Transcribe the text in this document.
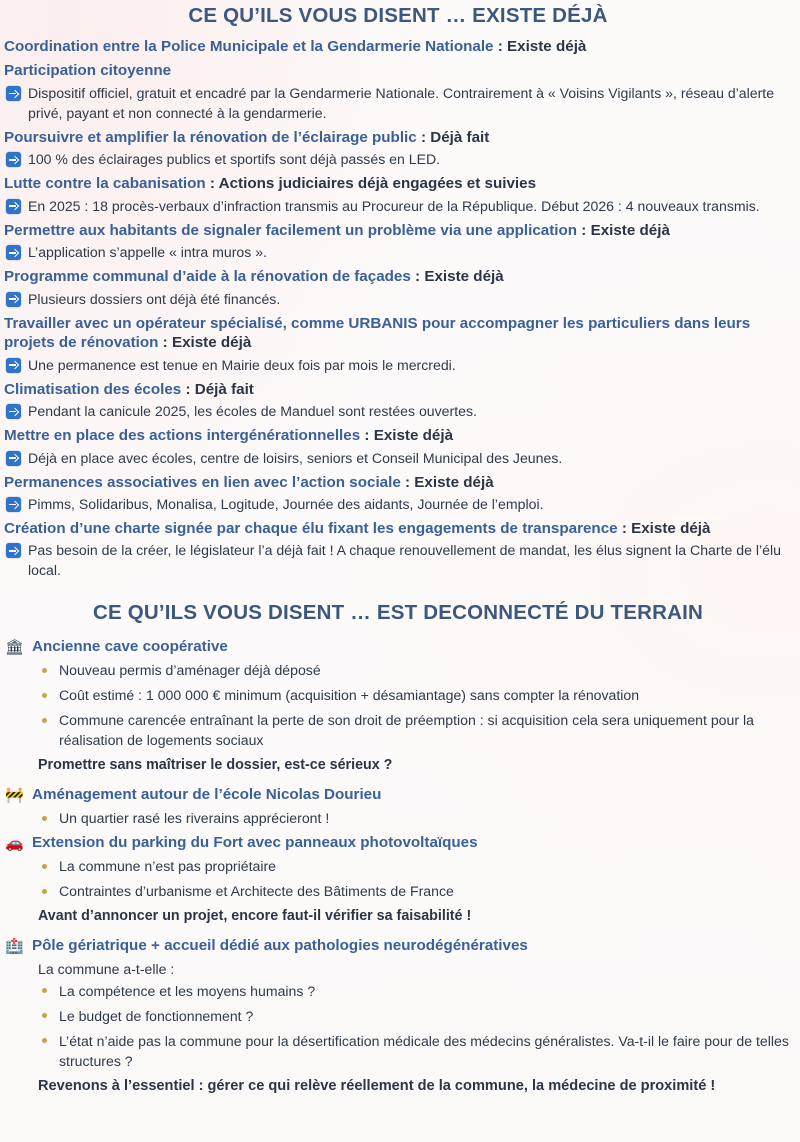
CE QU’ILS VOUS DISENT … EXISTE DÉJÀ
Coordination entre la Police Municipale et la Gendarmerie Nationale : Existe déjà
Participation citoyenne
Dispositif officiel, gratuit et encadré par la Gendarmerie Nationale. Contrairement à « Voisins Vigilants », réseau d’alerte privé, payant et non connecté à la gendarmerie.
Poursuivre et amplifier la rénovation de l’éclairage public : Déjà fait
100 % des éclairages publics et sportifs sont déjà passés en LED.
Lutte contre la cabanisation : Actions judiciaires déjà engagées et suivies
En 2025 : 18 procès-verbaux d’infraction transmis au Procureur de la République. Début 2026 : 4 nouveaux transmis.
Permettre aux habitants de signaler facilement un problème via une application : Existe déjà
L’application s’appelle « intra muros ».
Programme communal d’aide à la rénovation de façades : Existe déjà
Plusieurs dossiers ont déjà été financés.
Travailler avec un opérateur spécialisé, comme URBANIS pour accompagner les particuliers dans leurs projets de rénovation : Existe déjà
Une permanence est tenue en Mairie deux fois par mois le mercredi.
Climatisation des écoles : Déjà fait
Pendant la canicule 2025, les écoles de Manduel sont restées ouvertes.
Mettre en place des actions intergénérationnelles : Existe déjà
Déjà en place avec écoles, centre de loisirs, seniors et Conseil Municipal des Jeunes.
Permanences associatives en lien avec l’action sociale : Existe déjà
Pimms, Solidaribus, Monalisa, Logitude, Journée des aidants, Journée de l’emploi.
Création d’une charte signée par chaque élu fixant les engagements de transparence : Existe déjà
Pas besoin de la créer, le législateur l’a déjà fait ! A chaque renouvellement de mandat, les élus signent la Charte de l’élu local.
CE QU’ILS VOUS DISENT … EST DECONNECTÉ DU TERRAIN
🏛 Ancienne cave coopérative
Nouveau permis d’aménager déjà déposé
Coût estimé : 1 000 000 € minimum (acquisition + désamiantage) sans compter la rénovation
Commune carencée entraînant la perte de son droit de préemption : si acquisition cela sera uniquement pour la réalisation de logements sociaux
Promettre sans maîtriser le dossier, est-ce sérieux ?
🚧 Aménagement autour de l’école Nicolas Dourieu
Un quartier rasé les riverains apprécieront !
🚗 Extension du parking du Fort avec panneaux photovoltaïques
La commune n’est pas propriétaire
Contraintes d’urbanisme et Architecte des Bâtiments de France
Avant d’annoncer un projet, encore faut-il vérifier sa faisabilité !
🏥 Pôle gériatrique + accueil dédié aux pathologies neurodégénératives
La commune a-t-elle :
La compétence et les moyens humains ?
Le budget de fonctionnement ?
L’état n’aide pas la commune pour la désertification médicale des médecins généralistes. Va-t-il le faire pour de telles structures ?
Revenons à l’essentiel : gérer ce qui relève réellement de la commune, la médecine de proximité !
